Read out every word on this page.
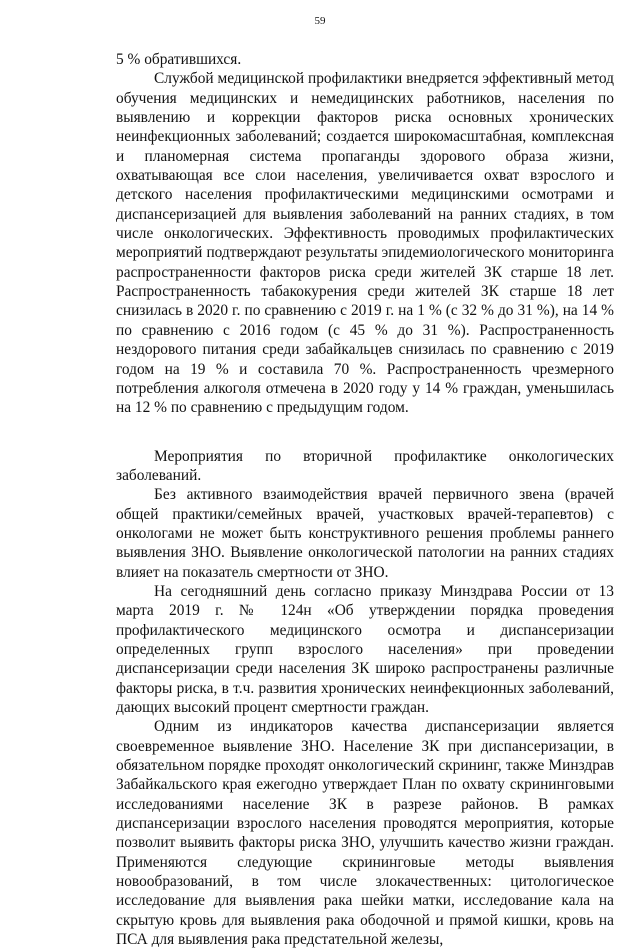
59

5 % обратившихся.

Службой медицинской профилактики внедряется эффективный метод обучения медицинских и немедицинских работников, населения по выявлению и коррекции факторов риска основных хронических неинфекционных заболеваний; создается широкомасштабная, комплексная и планомерная система пропаганды здорового образа жизни, охватывающая все слои населения, увеличивается охват взрослого и детского населения профилактическими медицинскими осмотрами и диспансеризацией для выявления заболеваний на ранних стадиях, в том числе онкологических. Эффективность проводимых профилактических мероприятий подтверждают результаты эпидемиологического мониторинга распространенности факторов риска среди жителей ЗК старше 18 лет. Распространенность табакокурения среди жителей ЗК старше 18 лет снизилась в 2020 г. по сравнению с 2019 г. на 1 % (с 32 % до 31 %), на 14 % по сравнению с 2016 годом (с 45 % до 31 %). Распространенность нездорового питания среди забайкальцев снизилась по сравнению с 2019 годом на 19 % и составила 70 %. Распространенность чрезмерного потребления алкоголя отмечена в 2020 году у 14 % граждан, уменьшилась на 12 % по сравнению с предыдущим годом.

Мероприятия по вторичной профилактике онкологических заболеваний.

Без активного взаимодействия врачей первичного звена (врачей общей практики/семейных врачей, участковых врачей-терапевтов) с онкологами не может быть конструктивного решения проблемы раннего выявления ЗНО. Выявление онкологической патологии на ранних стадиях влияет на показатель смертности от ЗНО.

На сегодняшний день согласно приказу Минздрава России от 13 марта 2019 г. № 124н «Об утверждении порядка проведения профилактического медицинского осмотра и диспансеризации определенных групп взрослого населения» при проведении диспансеризации среди населения ЗК широко распространены различные факторы риска, в т.ч. развития хронических неинфекционных заболеваний, дающих высокий процент смертности граждан.

Одним из индикаторов качества диспансеризации является своевременное выявление ЗНО. Население ЗК при диспансеризации, в обязательном порядке проходят онкологический скрининг, также Минздрав Забайкальского края ежегодно утверждает План по охвату скрининговыми исследованиями население ЗК в разрезе районов. В рамках диспансеризации взрослого населения проводятся мероприятия, которые позволит выявить факторы риска ЗНО, улучшить качество жизни граждан. Применяются следующие скрининговые методы выявления новообразований, в том числе злокачественных: цитологическое исследование для выявления рака шейки матки, исследование кала на скрытую кровь для выявления рака ободочной и прямой кишки, кровь на ПСА для выявления рака предстательной железы,
